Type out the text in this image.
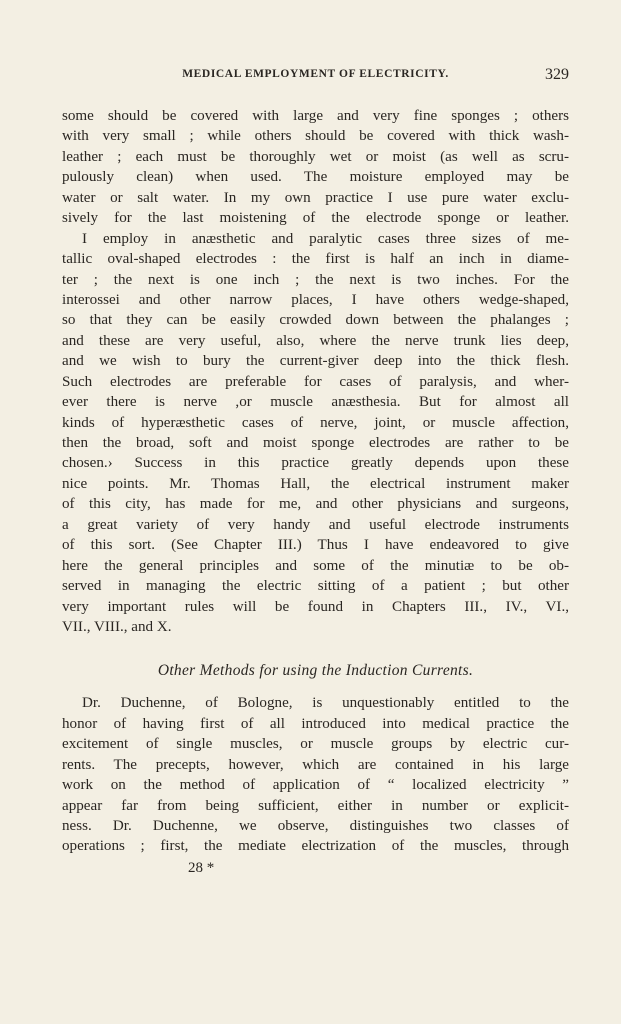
MEDICAL EMPLOYMENT OF ELECTRICITY.	329
some should be covered with large and very fine sponges ; others
with very small ; while others should be covered with thick wash-
leather ; each must be thoroughly wet or moist (as well as scru-
pulously clean) when used. The moisture employed may be
water or salt water. In my own practice I use pure water exclu-
sively for the last moistening of the electrode sponge or leather.
I employ in anæsthetic and paralytic cases three sizes of me-
tallic oval-shaped electrodes : the first is half an inch in diame-
ter ; the next is one inch ; the next is two inches. For the
interossei and other narrow places, I have others wedge-shaped,
so that they can be easily crowded down between the phalanges ;
and these are very useful, also, where the nerve trunk lies deep,
and we wish to bury the current-giver deep into the thick flesh.
Such electrodes are preferable for cases of paralysis, and wher-
ever there is nerve ,or muscle anæsthesia. But for almost all
kinds of hyperæsthetic cases of nerve, joint, or muscle affection,
then the broad, soft and moist sponge electrodes are rather to be
chosen.› Success in this practice greatly depends upon these
nice points. Mr. Thomas Hall, the electrical instrument maker
of this city, has made for me, and other physicians and surgeons,
a great variety of very handy and useful electrode instruments
of this sort. (See Chapter III.) Thus I have endeavored to give
here the general principles and some of the minutiæ to be ob-
served in managing the electric sitting of a patient ; but other
very important rules will be found in Chapters III., IV., VI.,
VII., VIII., and X.
Other Methods for using the Induction Currents.
Dr. Duchenne, of Bologne, is unquestionably entitled to the
honor of having first of all introduced into medical practice the
excitement of single muscles, or muscle groups by electric cur-
rents. The precepts, however, which are contained in his large
work on the method of application of “ localized electricity ”
appear far from being sufficient, either in number or explicit-
ness. Dr. Duchenne, we observe, distinguishes two classes of
operations ; first, the mediate electrization of the muscles, through
28 *
